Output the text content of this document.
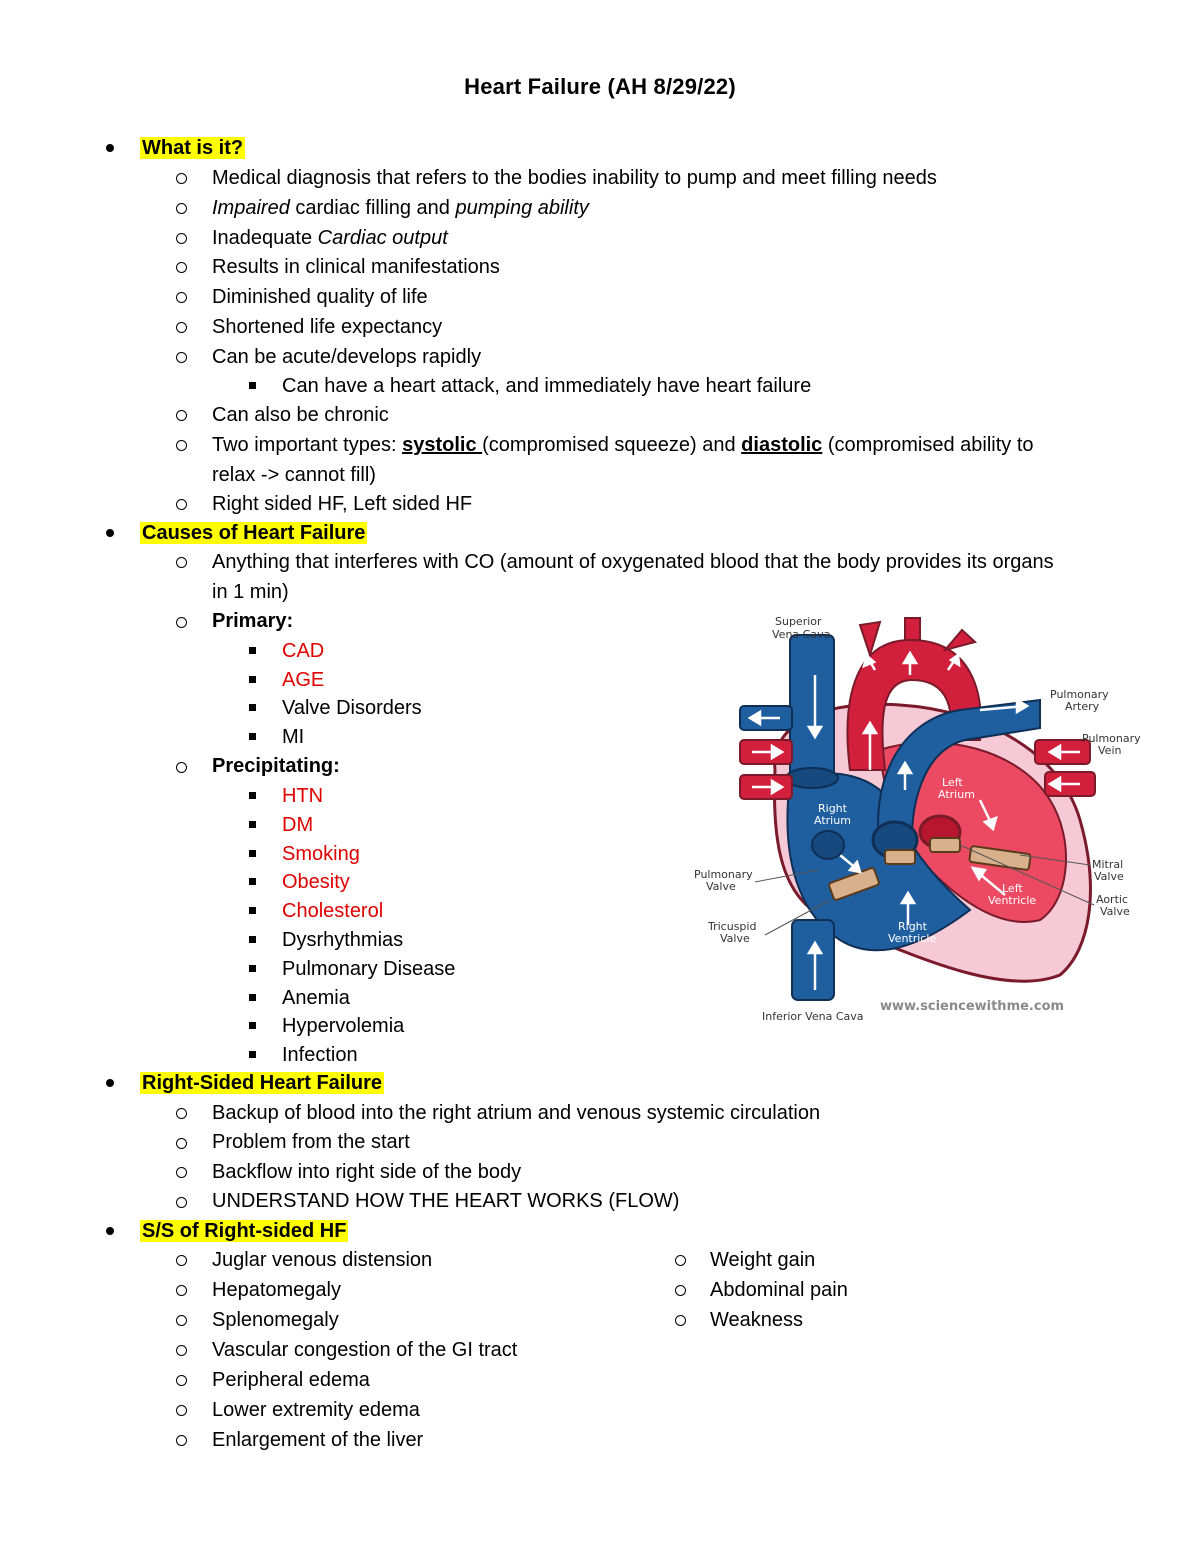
Heart Failure (AH 8/29/22)
What is it?
Medical diagnosis that refers to the bodies inability to pump and meet filling needs
Impaired cardiac filling and pumping ability
Inadequate Cardiac output
Results in clinical manifestations
Diminished quality of life
Shortened life expectancy
Can be acute/develops rapidly
Can have a heart attack, and immediately have heart failure
Can also be chronic
Two important types: systolic (compromised squeeze) and diastolic (compromised ability to
relax -> cannot fill)
Right sided HF, Left sided HF
Causes of Heart Failure
Anything that interferes with CO (amount of oxygenated blood that the body provides its organs
in 1 min)
Primary:
CAD
AGE
Valve Disorders
MI
Precipitating:
HTN
DM
Smoking
Obesity
Cholesterol
Dysrhythmias
Pulmonary Disease
Anemia
Hypervolemia
Infection
Right-Sided Heart Failure
Backup of blood into the right atrium and venous systemic circulation
Problem from the start
Backflow into right side of the body
UNDERSTAND HOW THE HEART WORKS (FLOW)
S/S of Right-sided HF
Juglar venous distension
Hepatomegaly
Splenomegaly
Vascular congestion of the GI tract
Peripheral edema
Lower extremity edema
Enlargement of the liver
Weight gain
Abdominal pain
Weakness
Superior
Vena Cava
Aorta	Pulmonary
Artery
Pulmonary
Vein
Left
Atrium
Right
Atrium
Pulmonary
Valve
Mitral
Valve
Left
Ventricle	Aortic
Valve
Tricuspid
Valve
Right
Ventricle
Inferior Vena Cava
www.sciencewithme.com
